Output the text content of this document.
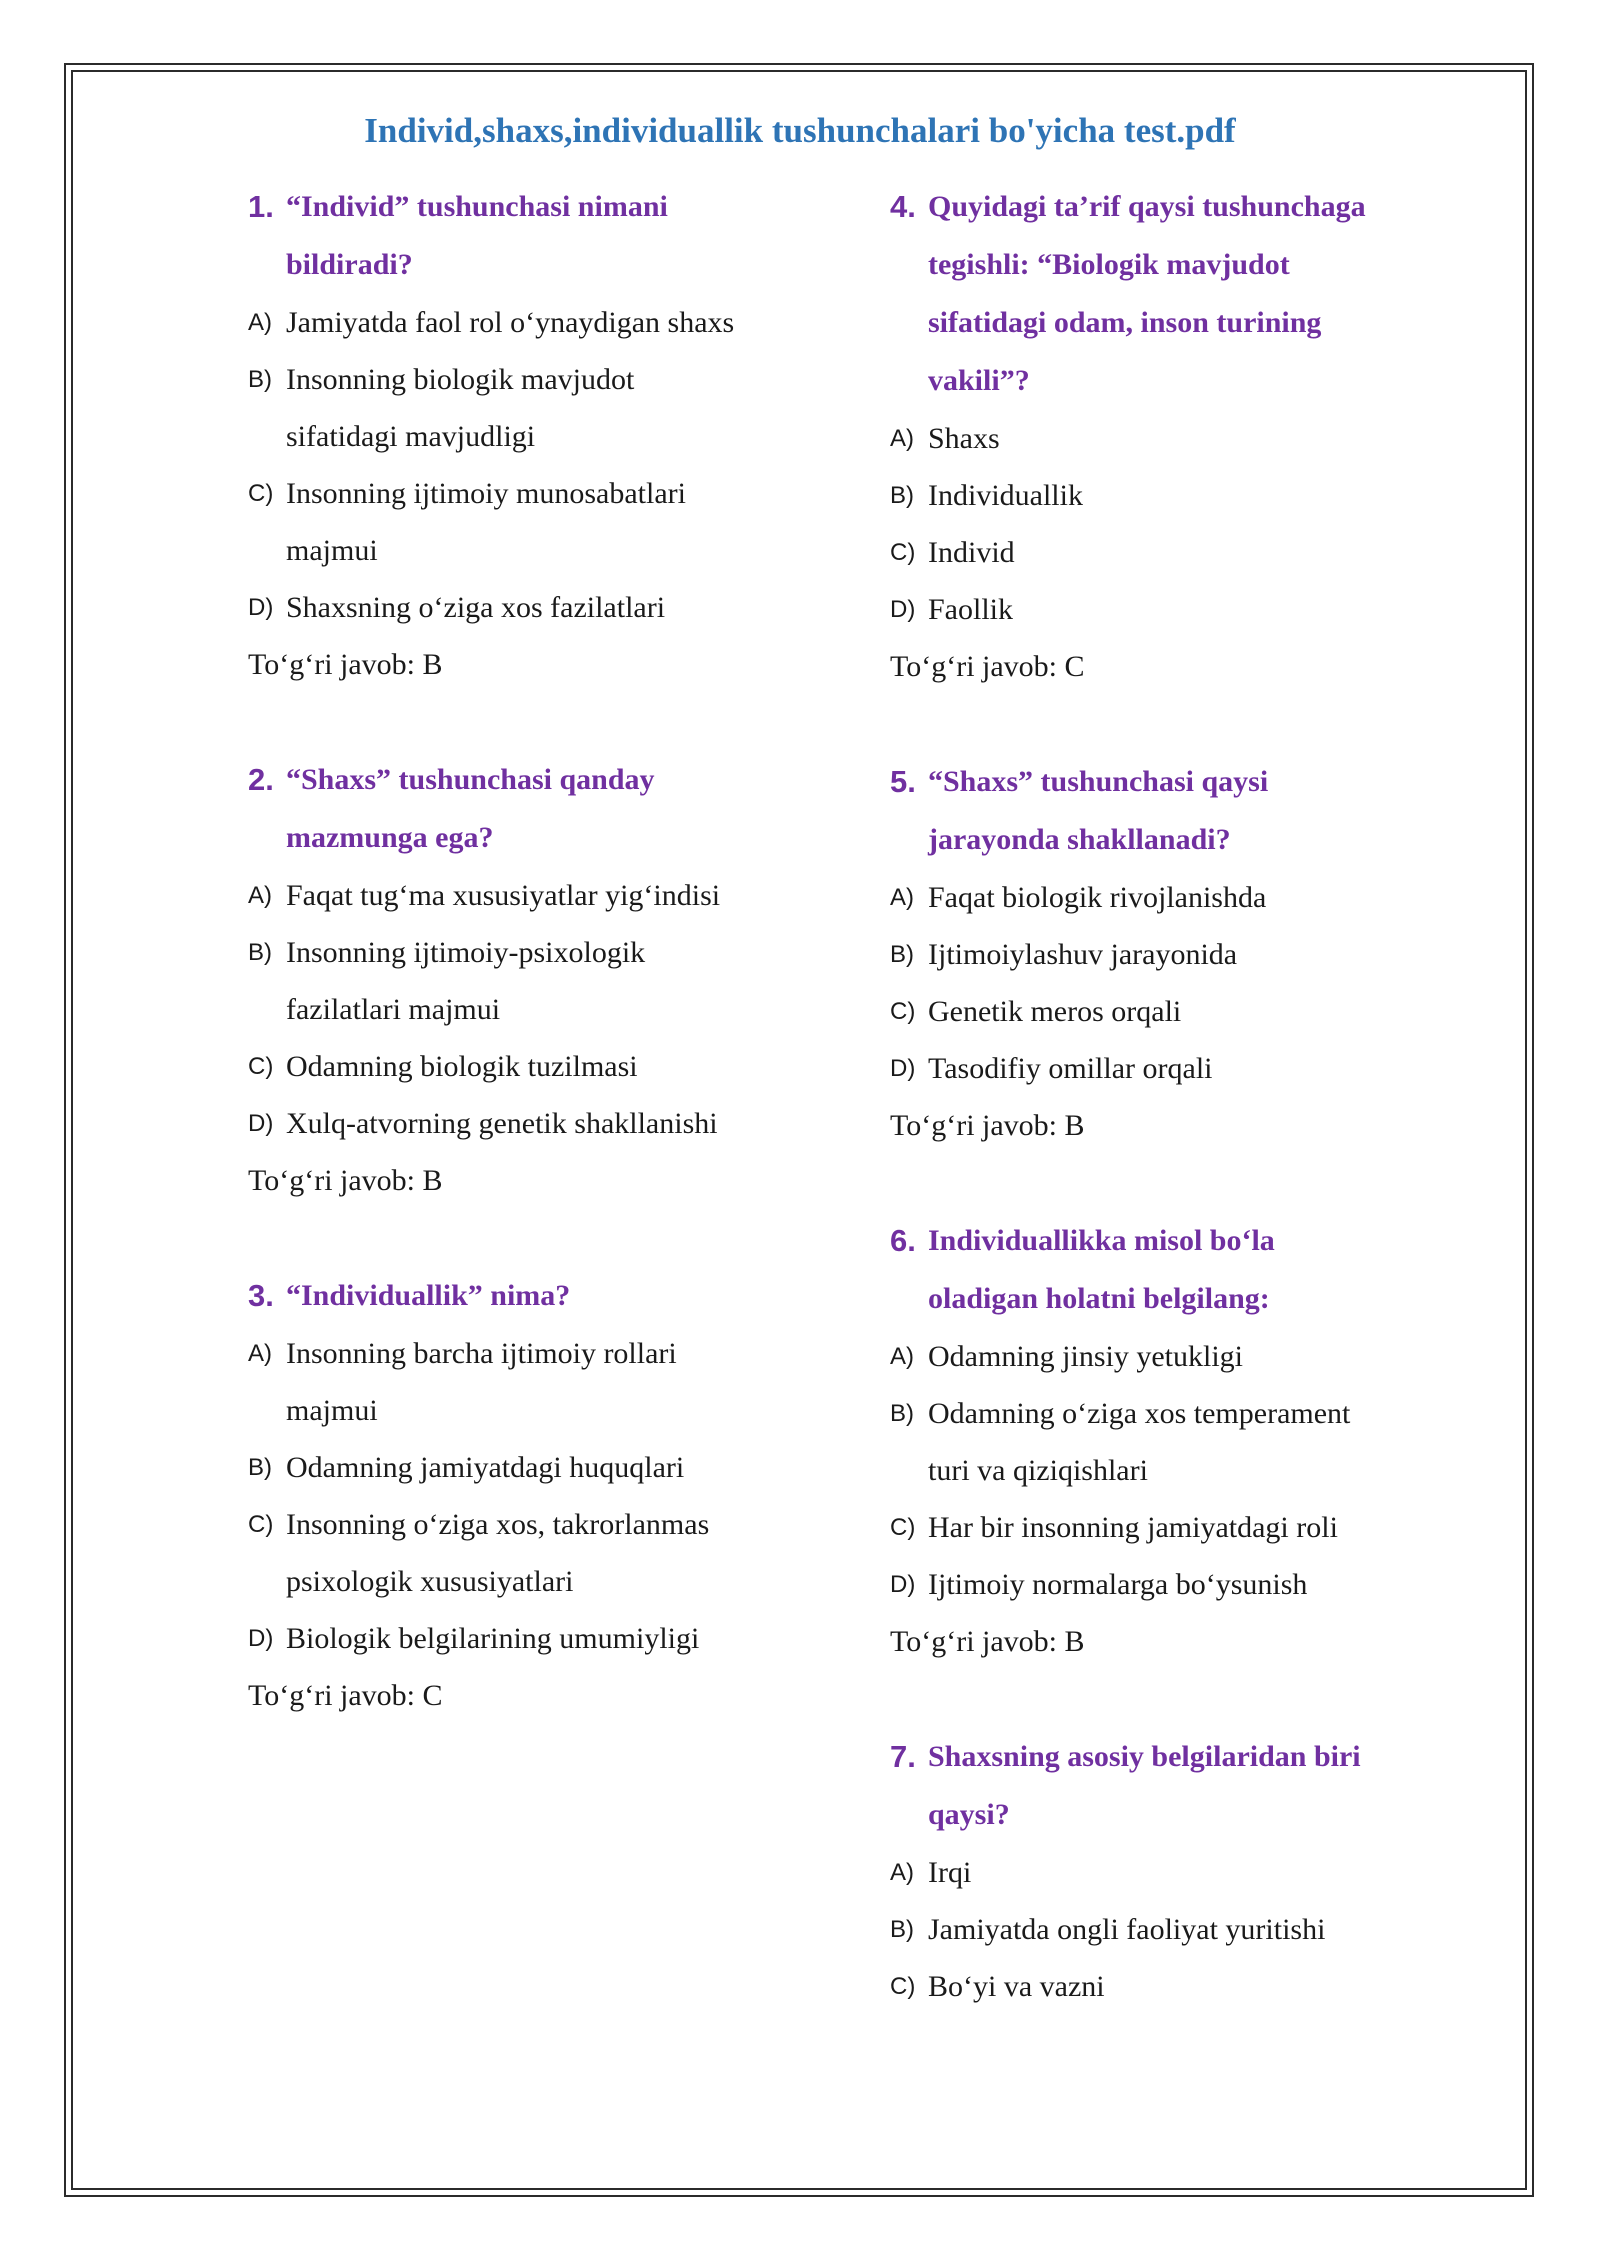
Individ,shaxs,individuallik tushunchalari bo'yicha test.pdf
1. “Individ” tushunchasi nimani
bildiradi?
A) Jamiyatda faol rol o‘ynaydigan shaxs
B) Insonning biologik mavjudot
sifatidagi mavjudligi
C) Insonning ijtimoiy munosabatlari
majmui
D) Shaxsning o‘ziga xos fazilatlari

To‘g‘ri javob: B

2. “Shaxs” tushunchasi qanday
mazmunga ega?
A) Faqat tug‘ma xususiyatlar yig‘indisi
B) Insonning ijtimoiy-psixologik
fazilatlari majmui
C) Odamning biologik tuzilmasi
D) Xulq-atvorning genetik shakllanishi

To‘g‘ri javob: B

3. “Individuallik” nima?
A) Insonning barcha ijtimoiy rollari
majmui
B) Odamning jamiyatdagi huquqlari
C) Insonning o‘ziga xos, takrorlanmas
psixologik xususiyatlari
D) Biologik belgilarining umumiyligi

To‘g‘ri javob: C

4. Quyidagi ta’rif qaysi tushunchaga
tegishli: “Biologik mavjudot
sifatidagi odam, inson turining
vakili”?
A) Shaxs
B) Individuallik
C) Individ
D) Faollik

To‘g‘ri javob: C

5. “Shaxs” tushunchasi qaysi
jarayonda shakllanadi?
A) Faqat biologik rivojlanishda
B) Ijtimoiylashuv jarayonida
C) Genetik meros orqali
D) Tasodifiy omillar orqali

To‘g‘ri javob: B

6. Individuallikka misol bo‘la
oladigan holatni belgilang:
A) Odamning jinsiy yetukligi
B) Odamning o‘ziga xos temperament
turi va qiziqishlari
C) Har bir insonning jamiyatdagi roli
D) Ijtimoiy normalarga bo‘ysunish

To‘g‘ri javob: B

7. Shaxsning asosiy belgilaridan biri
qaysi?
A) Irqi
B) Jamiyatda ongli faoliyat yuritishi
C) Bo‘yi va vazni
